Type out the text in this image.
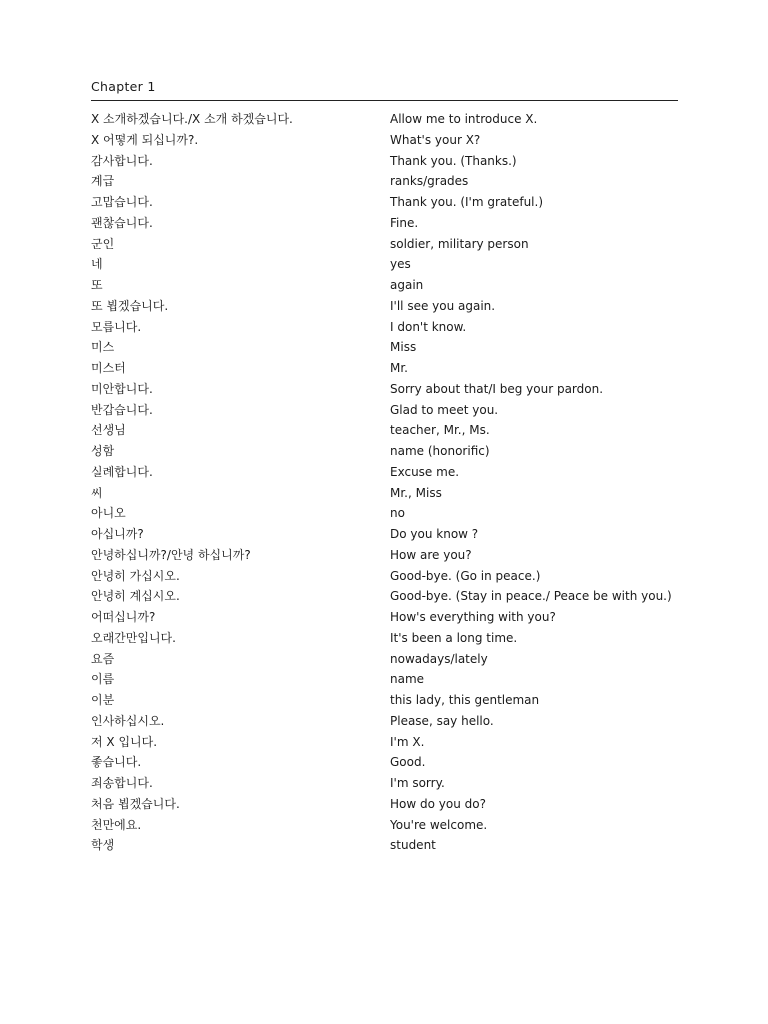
Chapter 1
X 소개하겠습니다./X 소개 하겠습니다.	Allow me to introduce X.
X 어떻게 되십니까?.	What's your X?
감사합니다.	Thank you. (Thanks.)
계급	ranks/grades
고맙습니다.	Thank you. (I'm grateful.)
괜찮습니다.	Fine.
군인	soldier, military person
네	yes
또	again
또 뵙겠습니다.	I'll see you again.
모릅니다.	I don't know.
미스	Miss
미스터	Mr.
미안합니다.	Sorry about that/I beg your pardon.
반갑습니다.	Glad to meet you.
선생님	teacher, Mr., Ms.
성함	name (honorific)
실례합니다.	Excuse me.
씨	Mr., Miss
아니오	no
아십니까?	Do you know ?
안녕하십니까?/안녕 하십니까?	How are you?
안녕히 가십시오.	Good-bye. (Go in peace.)
안녕히 계십시오.	Good-bye. (Stay in peace./ Peace be with you.)
어떠십니까?	How's everything with you?
오래간만입니다.	It's been a long time.
요즘	nowadays/lately
이름	name
이분	this lady, this gentleman
인사하십시오.	Please, say hello.
저 X 입니다.	I'm X.
좋습니다.	Good.
죄송합니다.	I'm sorry.
처음 뵙겠습니다.	How do you do?
천만에요.	You're welcome.
학생	student
